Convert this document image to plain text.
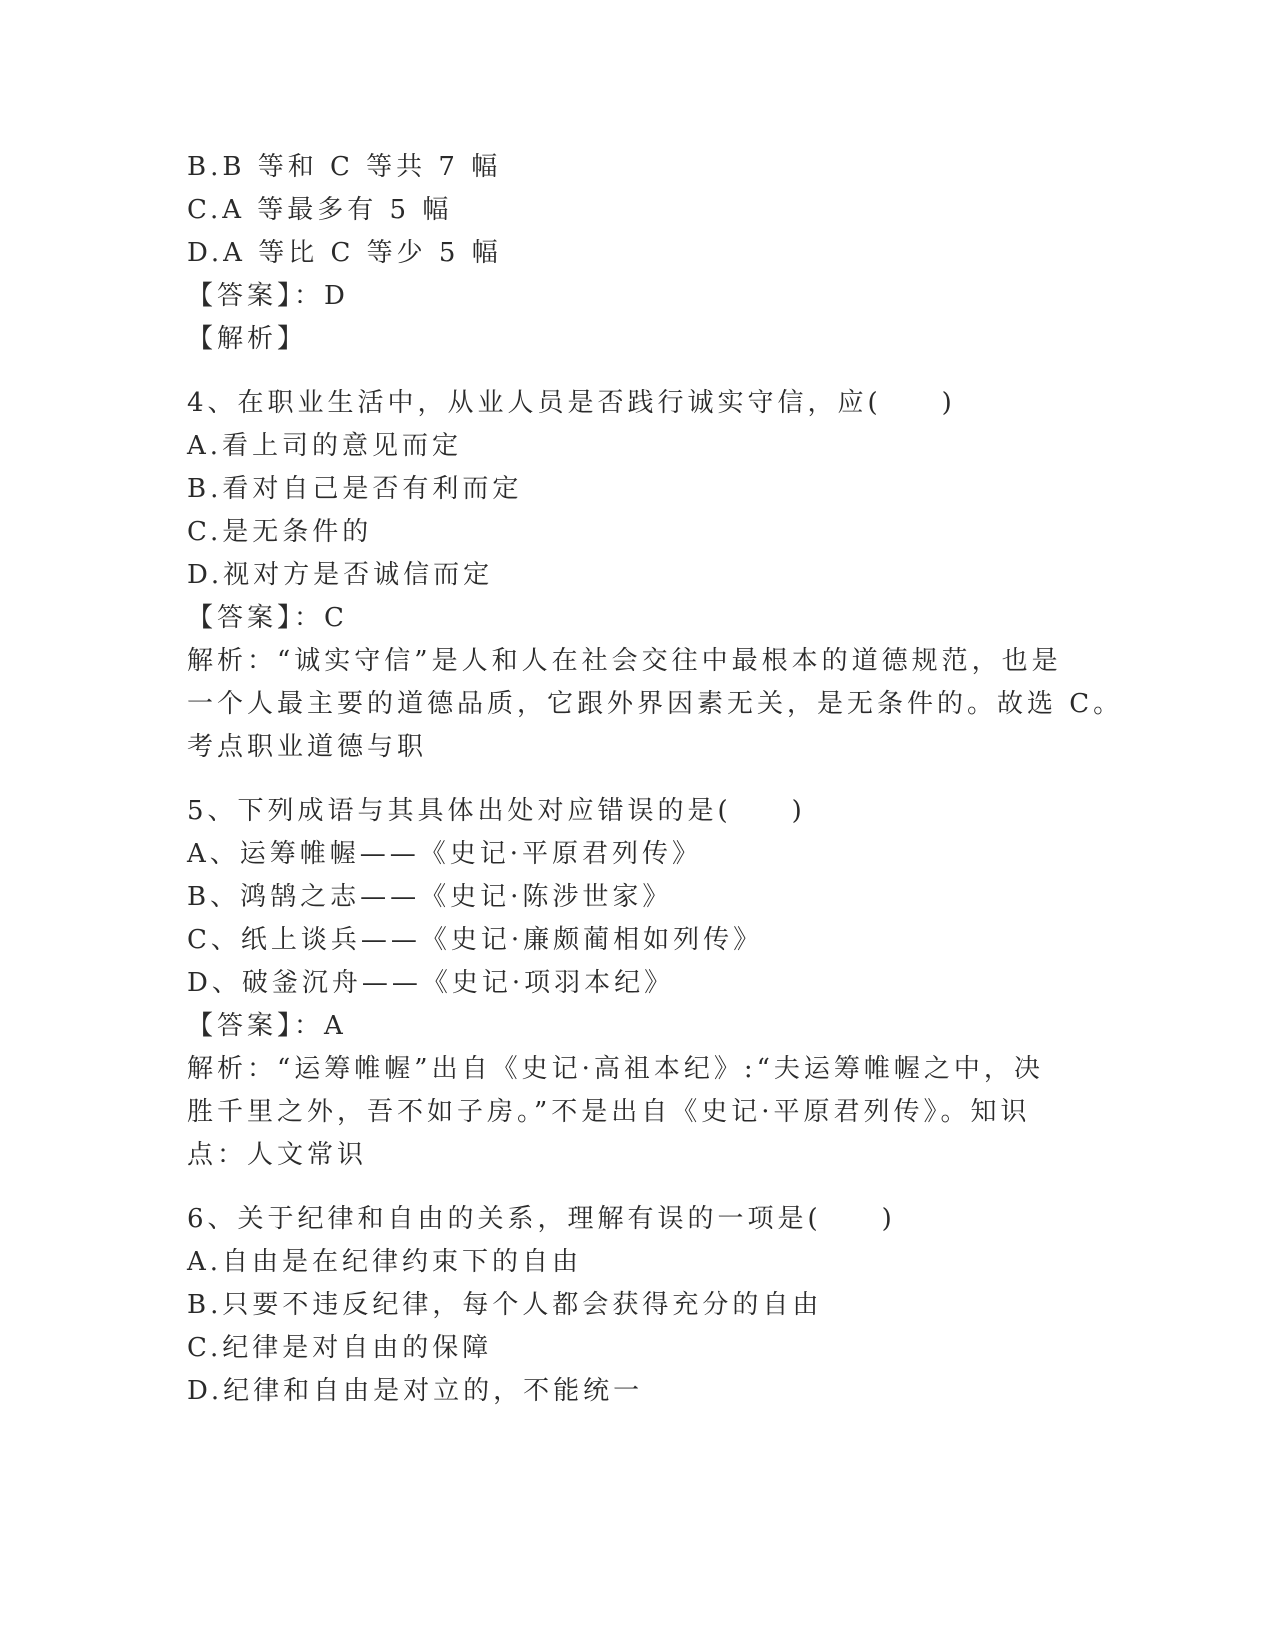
B.B 等和 C 等共 7 幅
C.A 等最多有 5 幅
D.A 等比 C 等少 5 幅
【答案】：D
【解析】
4、在职业生活中，从业人员是否践行诚实守信，应(　　)
A.看上司的意见而定
B.看对自己是否有利而定
C.是无条件的
D.视对方是否诚信而定
【答案】：C
解析：“诚实守信”是人和人在社会交往中最根本的道德规范，也是
一个人最主要的道德品质，它跟外界因素无关，是无条件的。故选 C。
考点职业道德与职
5、下列成语与其具体出处对应错误的是(　　)
A、运筹帷幄——《史记·平原君列传》
B、鸿鹄之志——《史记·陈涉世家》
C、纸上谈兵——《史记·廉颇蔺相如列传》
D、破釜沉舟——《史记·项羽本纪》
【答案】：A
解析：“运筹帷幄”出自《史记·高祖本纪》:“夫运筹帷幄之中，决
胜千里之外，吾不如子房。”不是出自《史记·平原君列传》。知识
点：人文常识
6、关于纪律和自由的关系，理解有误的一项是(　　)
A.自由是在纪律约束下的自由
B.只要不违反纪律，每个人都会获得充分的自由
C.纪律是对自由的保障
D.纪律和自由是对立的，不能统一
